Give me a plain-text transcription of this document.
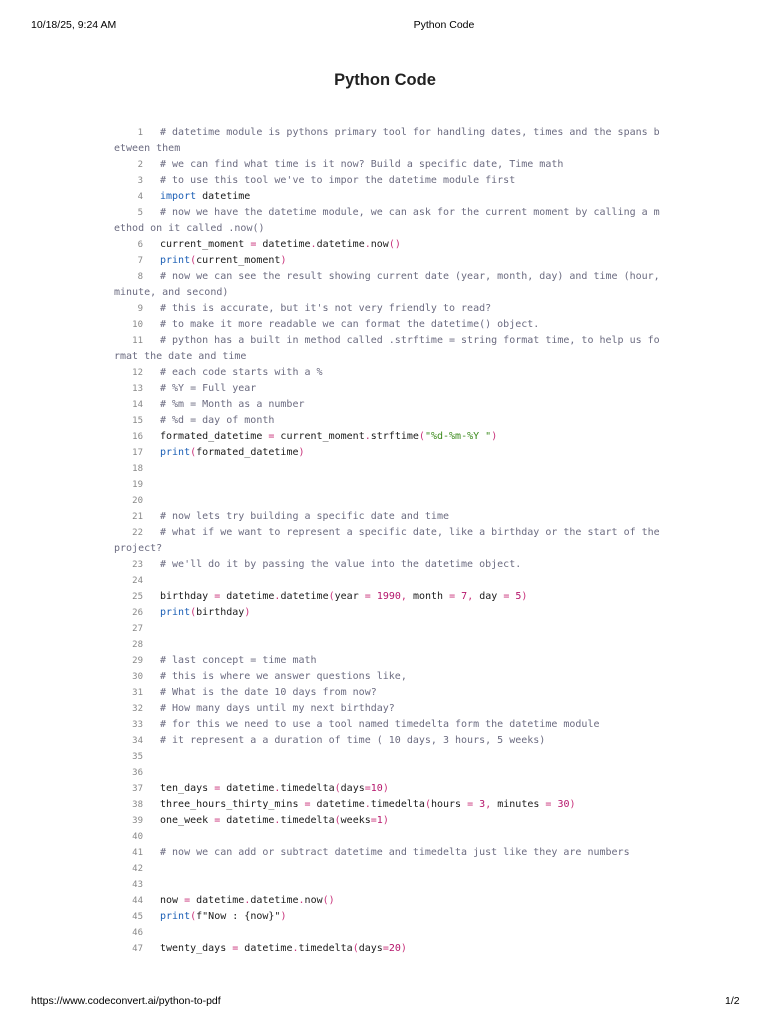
10/18/25, 9:24 AM	Python Code
Python Code
1 # datetime module is pythons primary tool for handling dates, times and the spans between them
2 # we can find what time is it now? Build a specific date, Time math
3 # to use this tool we've to impor the datetime module first
4 import datetime
5 # now we have the datetime module, we can ask for the current moment by calling a method on it called .now()
6 current_moment = datetime.datetime.now()
7 print(current_moment)
8 # now we can see the result showing current date (year, month, day) and time (hour, minute, and second)
9 # this is accurate, but it's not very friendly to read?
10 # to make it more readable we can format the datetime() object.
11 # python has a built in method called .strftime = string format time, to help us format the date and time
12 # each code starts with a %
13 # %Y = Full year
14 # %m = Month as a number
15 # %d = day of month
16 formated_datetime = current_moment.strftime("%d-%m-%Y ")
17 print(formated_datetime)
18
19
20
21 # now lets try building a specific date and time
22 # what if we want to represent a specific date, like a birthday or the start of the project?
23 # we'll do it by passing the value into the datetime object.
24
25 birthday = datetime.datetime(year = 1990, month = 7, day = 5)
26 print(birthday)
27
28
29 # last concept = time math
30 # this is where we answer questions like,
31 # What is the date 10 days from now?
32 # How many days until my next birthday?
33 # for this we need to use a tool named timedelta form the datetime module
34 # it represent a a duration of time ( 10 days, 3 hours, 5 weeks)
35
36
37 ten_days = datetime.timedelta(days=10)
38 three_hours_thirty_mins = datetime.timedelta(hours = 3, minutes = 30)
39 one_week = datetime.timedelta(weeks=1)
40
41 # now we can add or subtract datetime and timedelta just like they are numbers
42
43
44 now = datetime.datetime.now()
45 print(f"Now : {now}")
46
47 twenty_days = datetime.timedelta(days=20)
https://www.codeconvert.ai/python-to-pdf	1/2
